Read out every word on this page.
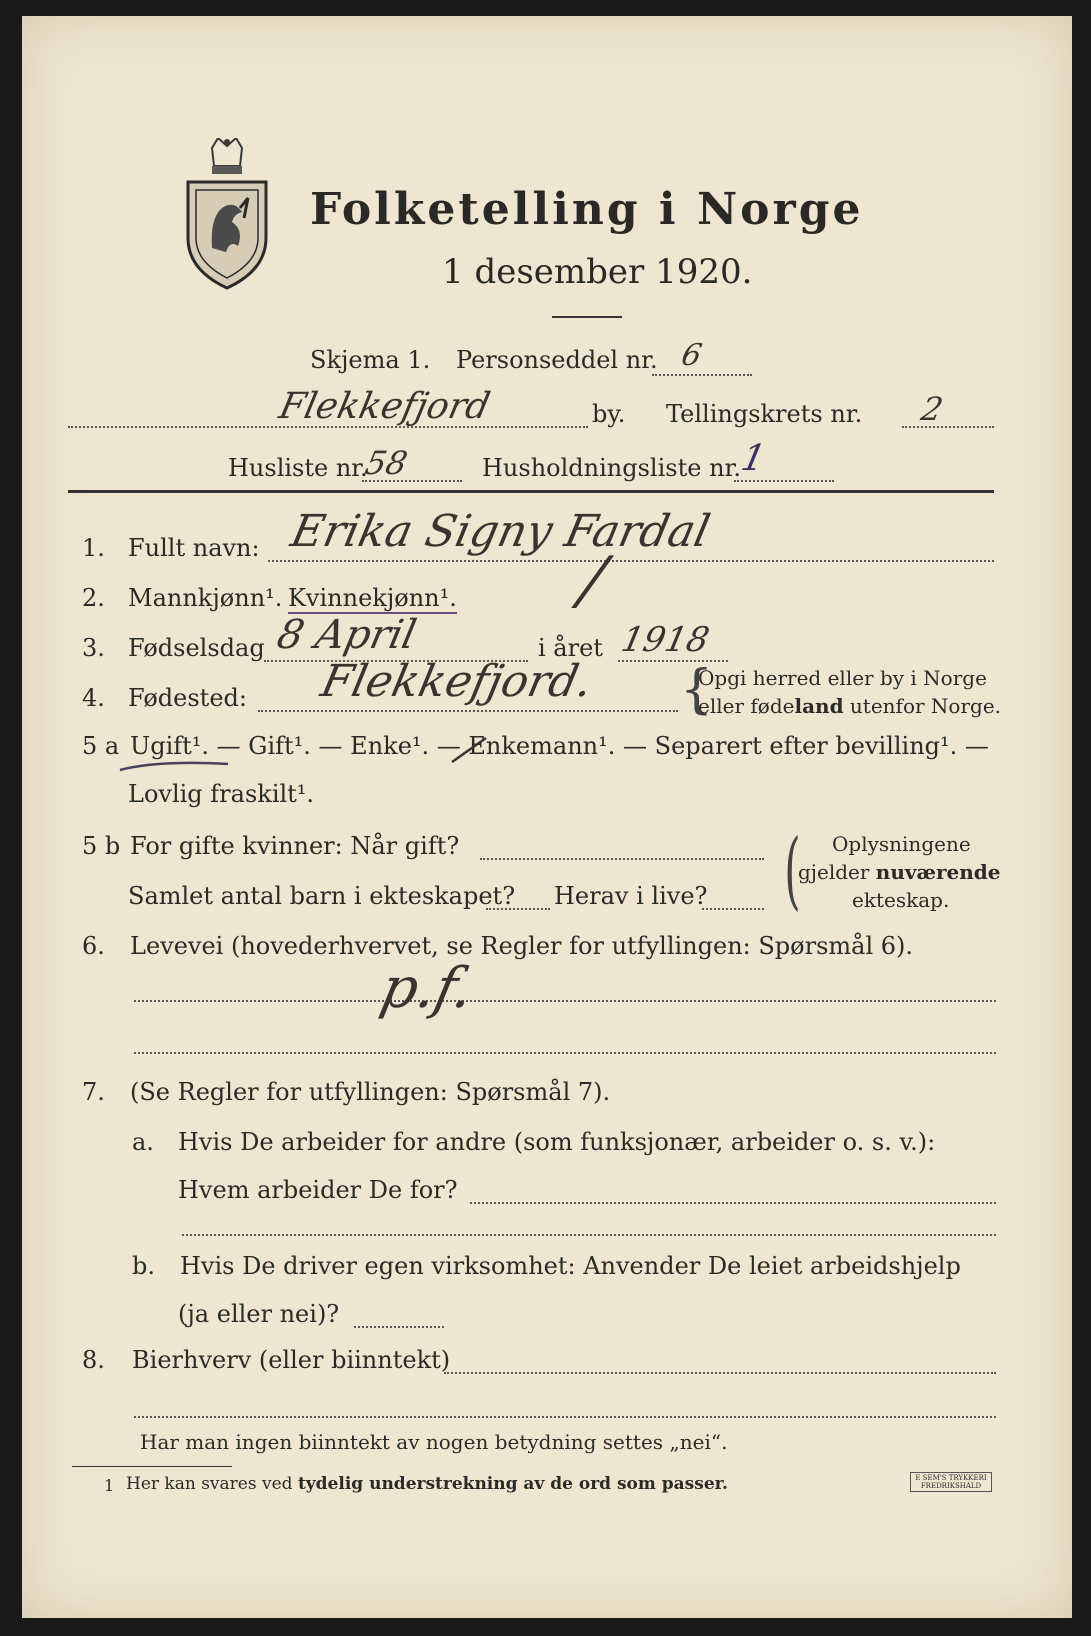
Folketelling i Norge
1 desember 1920.
Skjema 1. Personseddel nr. 6
Flekkefjord	by. Tellingskrets nr. 2
Husliste nr.
58	Husholdningsliste nr.
1
1. Fullt navn: Erika Signy Fardal
2. Mannkjønn¹. Kvinnekjønn¹. /
3. Fødselsdag 8 April	i året 1918
4. Fødested: Flekkefjord. {
Opgi herred eller by i Norge
eller fødeland utenfor Norge.
5 a Ugift¹. — Gift¹. — Enke¹. — Enkemann¹. — Separert efter bevilling¹. —
Lovlig fraskilt¹.
5 b For gifte kvinner: Når gift?
Samlet antal barn i ekteskapet? Herav i live? ( Oplysningene
gjelder nuværende
ekteskap.
6. Levevei (hovederhvervet, se Regler for utfyllingen: Spørsmål 6).
p.f.
7. (Se Regler for utfyllingen: Spørsmål 7).
a. Hvis De arbeider for andre (som funksjonær, arbeider o. s. v.):
Hvem arbeider De for?
b. Hvis De driver egen virksomhet: Anvender De leiet arbeidshjelp
(ja eller nei)?
8. Bierhverv (eller biinntekt)
Har man ingen biinntekt av nogen betydning settes „nei“.
1 Her kan svares ved tydelig understrekning av de ord som passer.	E SEM'S TRYKKERI FREDRIKSHALD
